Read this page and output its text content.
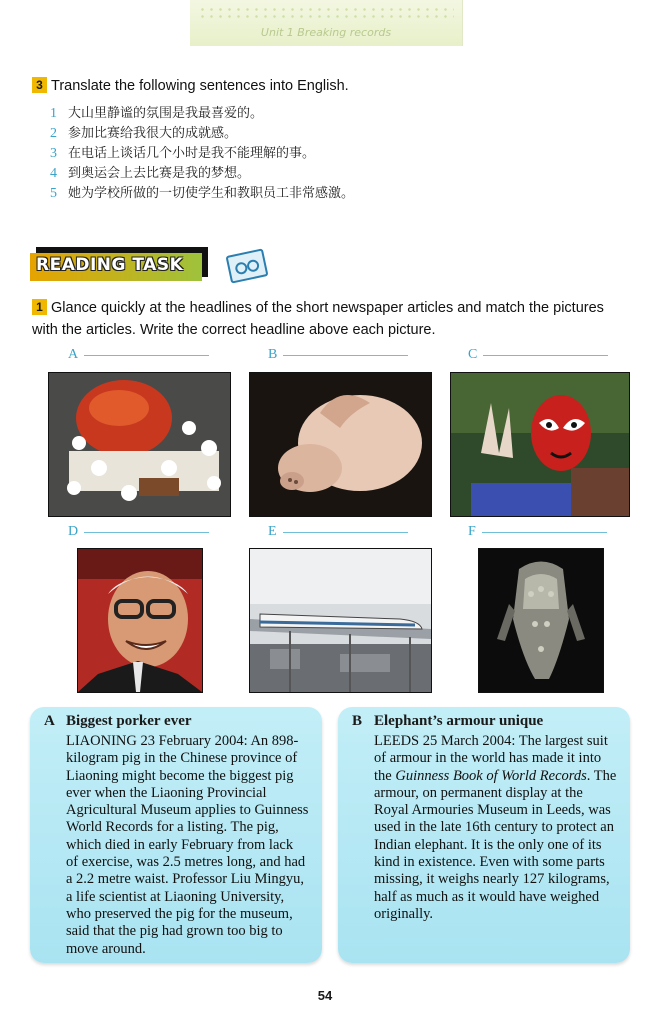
Unit 1 Breaking records
3 Translate the following sentences into English.
1 大山里静谧的氛围是我最喜爱的。
2 参加比赛给我很大的成就感。
3 在电话上谈话几个小时是我不能理解的事。
4 到奥运会上去比赛是我的梦想。
5 她为学校所做的一切使学生和教职员工非常感激。
READING TASK
1 Glance quickly at the headlines of the short newspaper articles and match the pictures with the articles. Write the correct headline above each picture.
A	B	C
D	E	F
A Biggest porker ever
LIAONING 23 February 2004: An 898-
kilogram pig in the Chinese province of
Liaoning might become the biggest pig
ever when the Liaoning Provincial
Agricultural Museum applies to Guinness
World Records for a listing. The pig,
which died in early February from lack
of exercise, was 2.5 metres long, and had
a 2.2 metre waist. Professor Liu Mingyu,
a life scientist at Liaoning University,
who preserved the pig for the museum,
said that the pig had grown too big to
move around.
B Elephant’s armour unique
LEEDS 25 March 2004: The largest suit
of armour in the world has made it into
the Guinness Book of World Records. The
armour, on permanent display at the
Royal Armouries Museum in Leeds, was
used in the late 16th century to protect an
Indian elephant. It is the only one of its
kind in existence. Even with some parts
missing, it weighs nearly 127 kilograms,
half as much as it would have weighed
originally.
54
